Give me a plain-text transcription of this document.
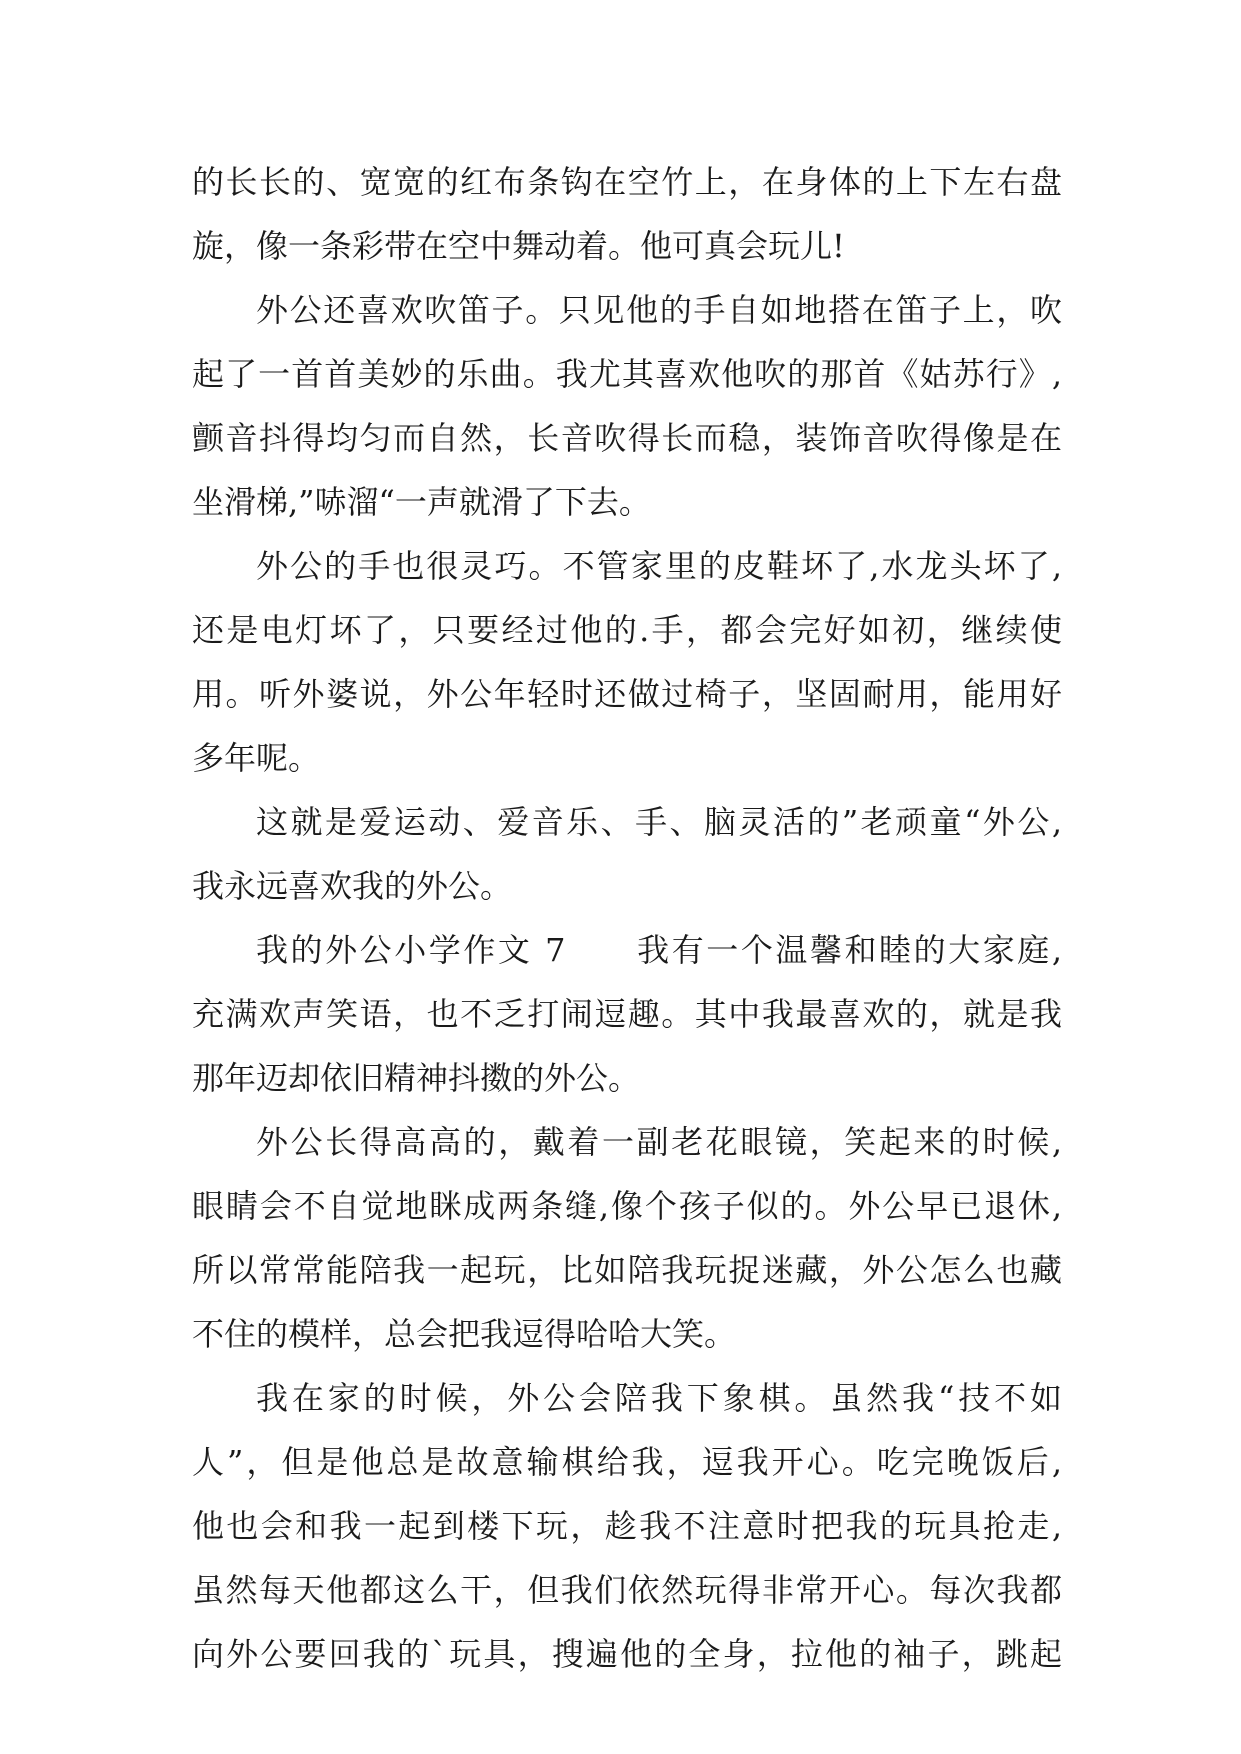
的长长的、宽宽的红布条钩在空竹上，在身体的上下左右盘
旋，像一条彩带在空中舞动着。他可真会玩儿!
外公还喜欢吹笛子。只见他的手自如地搭在笛子上，吹
起了一首首美妙的乐曲。我尤其喜欢他吹的那首《姑苏行》,
颤音抖得均匀而自然，长音吹得长而稳，装饰音吹得像是在
坐滑梯,”哧溜“一声就滑了下去。
外公的手也很灵巧。不管家里的皮鞋坏了,水龙头坏了,
还是电灯坏了，只要经过他的.手，都会完好如初，继续使
用。听外婆说，外公年轻时还做过椅子，坚固耐用，能用好
多年呢。
这就是爱运动、爱音乐、手、脑灵活的”老顽童“外公,
我永远喜欢我的外公。
我的外公小学作文 7　　我有一个温馨和睦的大家庭,
充满欢声笑语，也不乏打闹逗趣。其中我最喜欢的，就是我
那年迈却依旧精神抖擞的外公。
外公长得高高的，戴着一副老花眼镜，笑起来的时候,
眼睛会不自觉地眯成两条缝,像个孩子似的。外公早已退休,
所以常常能陪我一起玩，比如陪我玩捉迷藏，外公怎么也藏
不住的模样，总会把我逗得哈哈大笑。
我在家的时候，外公会陪我下象棋。虽然我“技不如
人”，但是他总是故意输棋给我，逗我开心。吃完晚饭后,
他也会和我一起到楼下玩，趁我不注意时把我的玩具抢走,
虽然每天他都这么干，但我们依然玩得非常开心。每次我都
向外公要回我的`玩具，搜遍他的全身，拉他的袖子，跳起
